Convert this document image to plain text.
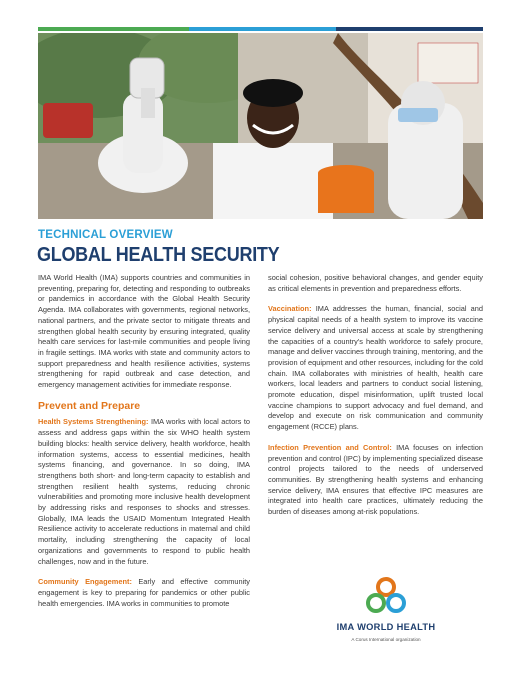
TECHNICAL OVERVIEW
GLOBAL HEALTH SECURITY

IMA World Health (IMA) supports countries and communities in preventing, preparing for, detecting and responding to outbreaks or pandemics in accordance with the Global Health Security Agenda. IMA collaborates with governments, regional networks, national partners, and the private sector to mitigate threats and strengthen global health security by ensuring integrated, quality health care services for last-mile communities and people living in fragile settings. IMA works with state and community actors to support preparedness and health resilience activities, systems strengthening for rapid outbreak and case detection, and emergency management activities for immediate response.

Prevent and Prepare

Health Systems Strengthening: IMA works with local actors to assess and address gaps within the six WHO health system building blocks: health service delivery, health workforce, health information systems, access to essential medicines, health systems financing, and governance. In so doing, IMA strengthens both short- and long-term capacity to establish and strengthen resilient health systems, reducing chronic vulnerabilities and promoting more inclusive health development by addressing risks and responses to shocks and stresses. Globally, IMA leads the USAID Momentum Integrated Health Resilience activity to accelerate reductions in maternal and child mortality, including strengthening the capacity of local organizations and governments to respond to public health challenges, now and in the future.

Community Engagement: Early and effective community engagement is key to preparing for pandemics or other public health emergencies. IMA works in communities to promote

social cohesion, positive behavioral changes, and gender equity as critical elements in prevention and preparedness efforts.

Vaccination: IMA addresses the human, financial, social and physical capital needs of a health system to improve its vaccine service delivery and universal access at scale by strengthening the capacities of a country's health workforce to safely procure, manage and deliver vaccines through training, mentoring, and the provision of equipment and other resources, including for the cold chain. IMA collaborates with ministries of health, health care workers, local leaders and partners to conduct social listening, promote education, dispel misinformation, uplift trusted local vaccine champions to support advocacy and fuel demand, and develop and execute on risk communication and community engagement (RCCE) plans.

Infection Prevention and Control: IMA focuses on infection prevention and control (IPC) by implementing specialized disease control projects tailored to the needs of underserved communities. By strengthening health systems and enhancing service delivery, IMA ensures that effective IPC measures are integrated into health care practices, ultimately reducing the burden of diseases among at-risk populations.

IMA WORLD HEALTH
A Corus International organization
